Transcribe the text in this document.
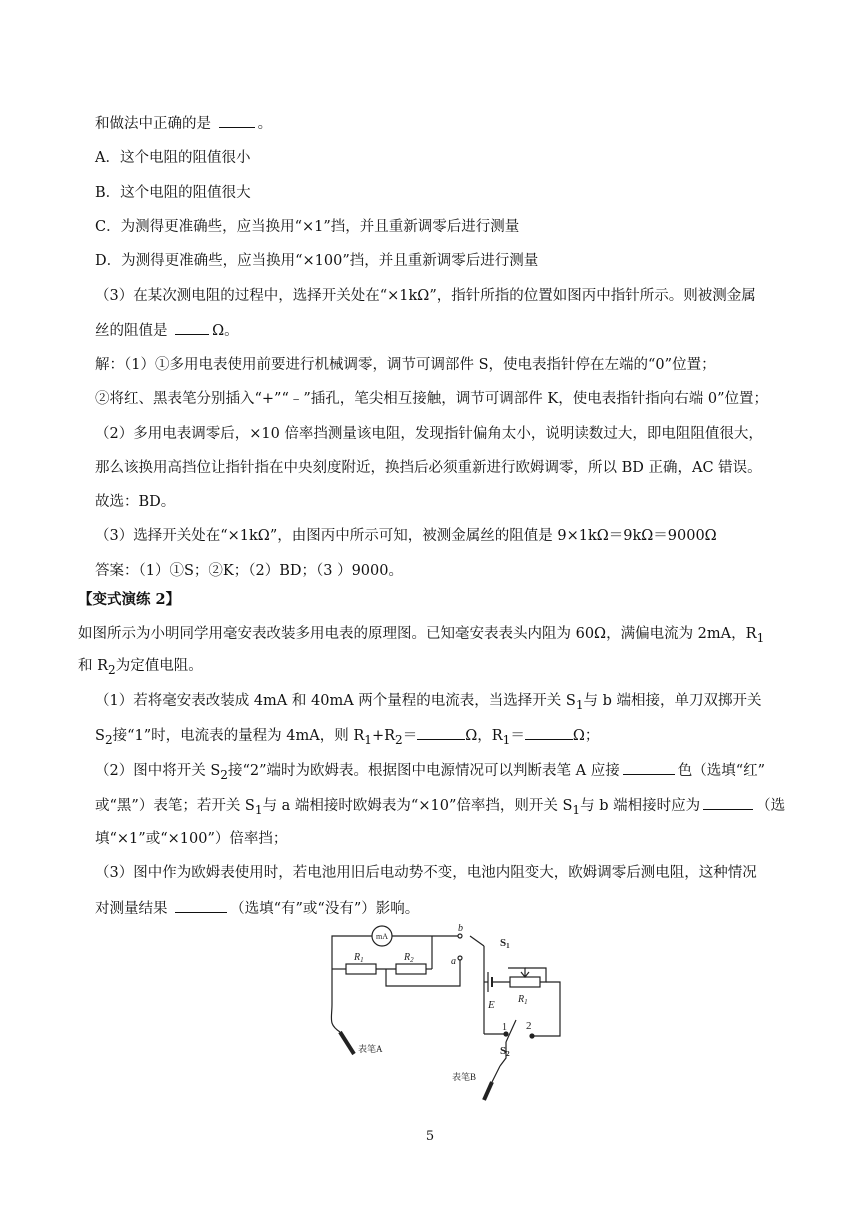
和做法中正确的是	。
A．这个电阻的阻值很小
B．这个电阻的阻值很大
C．为测得更准确些，应当换用“×1”挡，并且重新调零后进行测量
D．为测得更准确些，应当换用“×100”挡，并且重新调零后进行测量
（3）在某次测电阻的过程中，选择开关处在“×1kΩ”，指针所指的位置如图丙中指针所示。则被测金属
丝的阻值是	Ω。
解：（1）①多用电表使用前要进行机械调零，调节可调部件 S，使电表指针停在左端的“0”位置；
②将红、黑表笔分别插入“+”“﹣”插孔，笔尖相互接触，调节可调部件 K，使电表指针指向右端 0”位置；
（2）多用电表调零后，×10 倍率挡测量该电阻，发现指针偏角太小，说明读数过大，即电阻阻值很大，
那么该换用高挡位让指针指在中央刻度附近，换挡后必须重新进行欧姆调零，所以 BD 正确，AC 错误。
故选：BD。
（3）选择开关处在“×1kΩ”，由图丙中所示可知，被测金属丝的阻值是 9×1kΩ＝9kΩ＝9000Ω
答案：（1）①S；②K；（2）BD；（3 ）9000。
【变式演练 2】
如图所示为小明同学用毫安表改装多用电表的原理图。已知毫安表表头内阻为 60Ω，满偏电流为 2mA，$R_1$
和 $R_2$为定值电阻。
（1）若将毫安表改装成 4mA 和 40mA 两个量程的电流表，当选择开关 $S_1$与 b 端相接，单刀双掷开关
$S_2$接“1”时，电流表的量程为 4mA，则 $R_1+R_2=$	Ω，$R_1=$	Ω；
（2）图中将开关 $S_2$接“2”端时为欧姆表。根据图中电源情况可以判断表笔 A 应接	色（选填“红”
或“黑”）表笔；若开关 $S_1$与 a 端相接时欧姆表为“×10”倍率挡，则开关 $S_1$与 b 端相接时应为	（选
填“×1”或“×100”）倍率挡；
（3）图中作为欧姆表使用时，若电池用旧后电动势不变，电池内阻变大，欧姆调零后测电阻，这种情况
对测量结果	（选填“有”或“没有”）影响。
mA
b
$R_1$	$R_2$	a
S1
E $R_1$
1 2
S2
表笔A
表笔B
5
